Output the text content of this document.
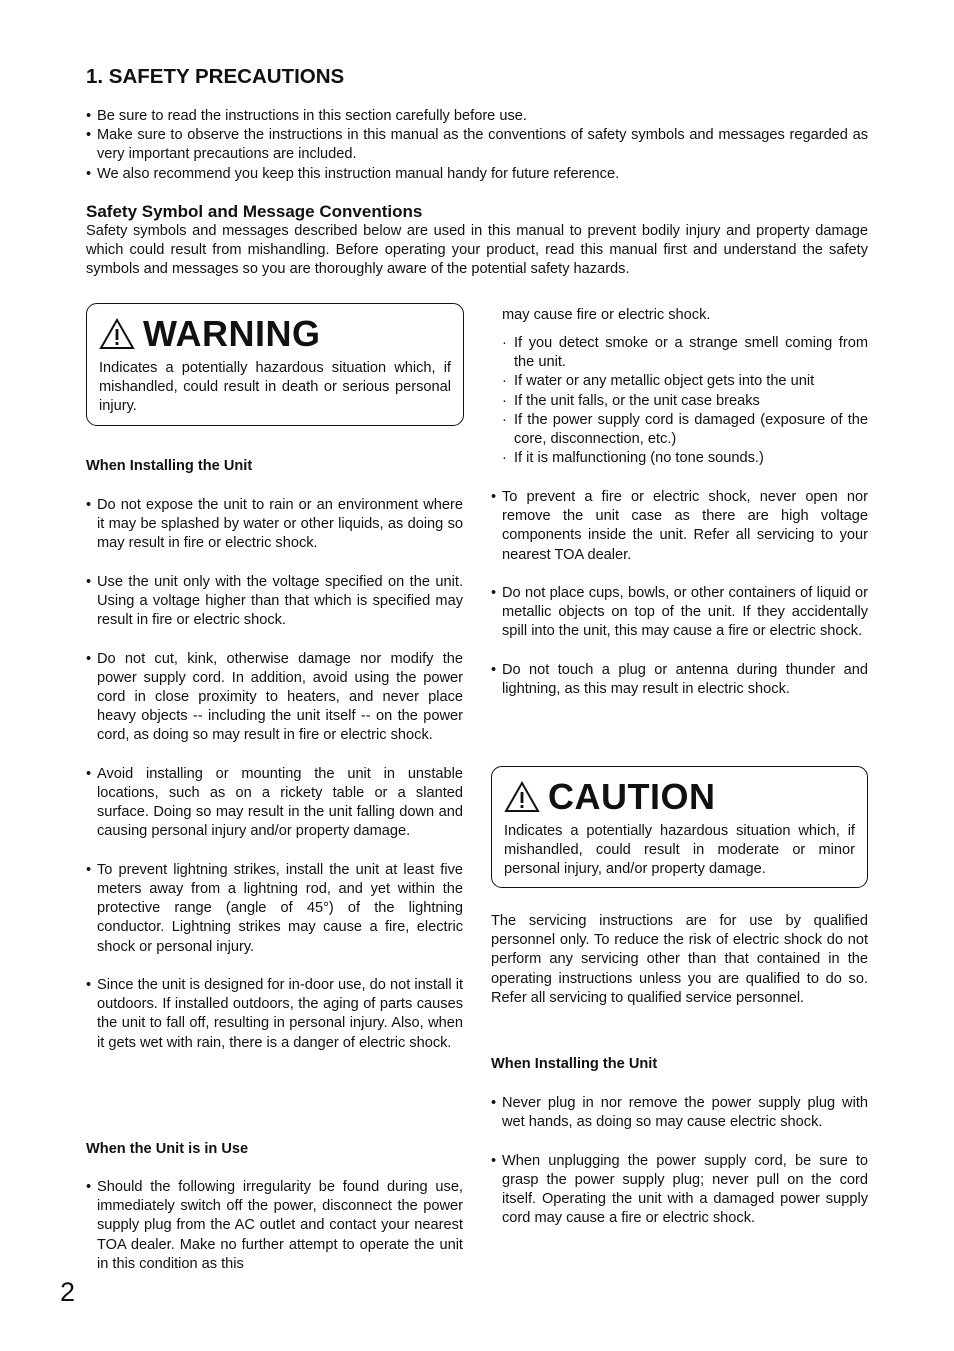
1. SAFETY PRECAUTIONS
• Be sure to read the instructions in this section carefully before use.
• Make sure to observe the instructions in this manual as the conventions of safety symbols and messages regarded as very important precautions are included.
• We also recommend you keep this instruction manual handy for future reference.
Safety Symbol and Message Conventions
Safety symbols and messages described below are used in this manual to prevent bodily injury and property damage which could result from mishandling. Before operating your product, read this manual first and understand the safety symbols and messages so you are thoroughly aware of the potential safety hazards.
WARNING
Indicates a potentially hazardous situation which, if mishandled, could result in death or serious personal injury.
When Installing the Unit
• Do not expose the unit to rain or an environment where it may be splashed by water or other liquids, as doing so may result in fire or electric shock.
• Use the unit only with the voltage specified on the unit. Using a voltage higher than that which is specified may result in fire or electric shock.
• Do not cut, kink, otherwise damage nor modify the power supply cord. In addition, avoid using the power cord in close proximity to heaters, and never place heavy objects -- including the unit itself -- on the power cord, as doing so may result in fire or electric shock.
• Avoid installing or mounting the unit in unstable locations, such as on a rickety table or a slanted surface. Doing so may result in the unit falling down and causing personal injury and/or property damage.
• To prevent lightning strikes, install the unit at least five meters away from a lightning rod, and yet within the protective range (angle of 45°) of the lightning conductor. Lightning strikes may cause a fire, electric shock or personal injury.
• Since the unit is designed for in-door use, do not install it outdoors. If installed outdoors, the aging of parts causes the unit to fall off, resulting in personal injury. Also, when it gets wet with rain, there is a danger of electric shock.
When the Unit is in Use
• Should the following irregularity be found during use, immediately switch off the power, disconnect the power supply plug from the AC outlet and contact your nearest TOA dealer. Make no further attempt to operate the unit in this condition as this
may cause fire or electric shock.
· If you detect smoke or a strange smell coming from the unit.
· If water or any metallic object gets into the unit
· If the unit falls, or the unit case breaks
· If the power supply cord is damaged (exposure of the core, disconnection, etc.)
· If it is malfunctioning (no tone sounds.)
• To prevent a fire or electric shock, never open nor remove the unit case as there are high voltage components inside the unit. Refer all servicing to your nearest TOA dealer.
• Do not place cups, bowls, or other containers of liquid or metallic objects on top of the unit. If they accidentally spill into the unit, this may cause a fire or electric shock.
• Do not touch a plug or antenna during thunder and lightning, as this may result in electric shock.
CAUTION
Indicates a potentially hazardous situation which, if mishandled, could result in moderate or minor personal injury, and/or property damage.
The servicing instructions are for use by qualified personnel only. To reduce the risk of electric shock do not perform any servicing other than that contained in the operating instructions unless you are qualified to do so. Refer all servicing to qualified service personnel.
When Installing the Unit
• Never plug in nor remove the power supply plug with wet hands, as doing so may cause electric shock.
• When unplugging the power supply cord, be sure to grasp the power supply plug; never pull on the cord itself. Operating the unit with a damaged power supply cord may cause a fire or electric shock.
2
